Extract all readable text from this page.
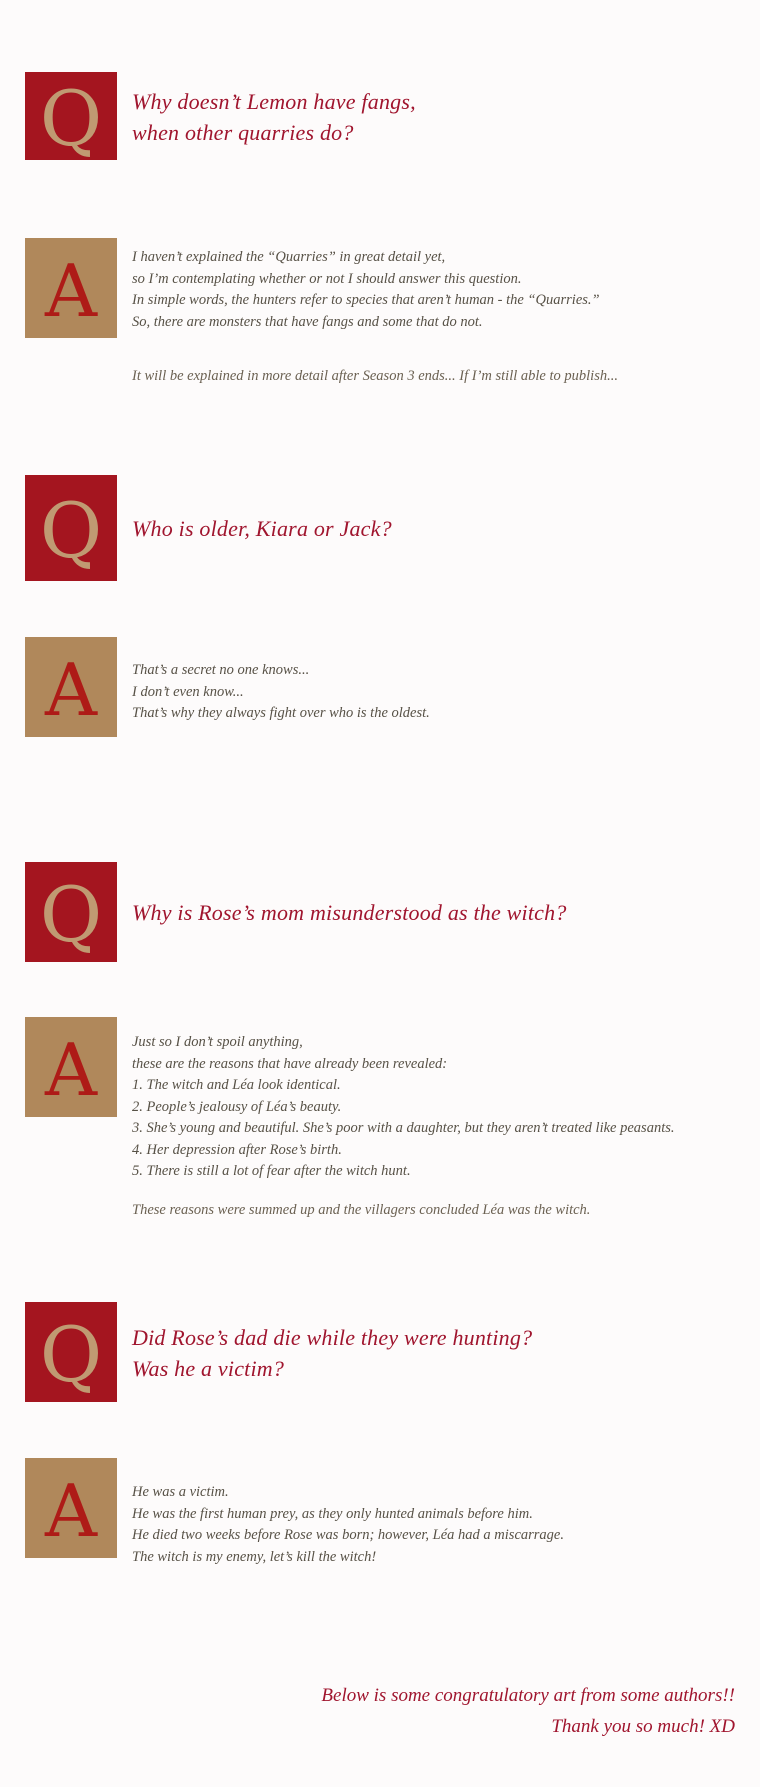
Q Why doesn’t Lemon have fangs,
when other quarries do?
A I haven’t explained the “Quarries” in great detail yet,
so I’m contemplating whether or not I should answer this question.
In simple words, the hunters refer to species that aren’t human - the “Quarries.”
So, there are monsters that have fangs and some that do not.
It will be explained in more detail after Season 3 ends... If I’m still able to publish...
Q Who is older, Kiara or Jack?
A That’s a secret no one knows...
I don’t even know...
That’s why they always fight over who is the oldest.
Q Why is Rose’s mom misunderstood as the witch?
A Just so I don’t spoil anything,
these are the reasons that have already been revealed:
1. The witch and Léa look identical.
2. People’s jealousy of Léa’s beauty.
3. She’s young and beautiful. She’s poor with a daughter, but they aren’t treated like peasants.
4. Her depression after Rose’s birth.
5. There is still a lot of fear after the witch hunt.
These reasons were summed up and the villagers concluded Léa was the witch.
Q Did Rose’s dad die while they were hunting?
Was he a victim?
A He was a victim.
He was the first human prey, as they only hunted animals before him.
He died two weeks before Rose was born; however, Léa had a miscarrage.
The witch is my enemy, let’s kill the witch!
Below is some congratulatory art from some authors!!
Thank you so much! XD
